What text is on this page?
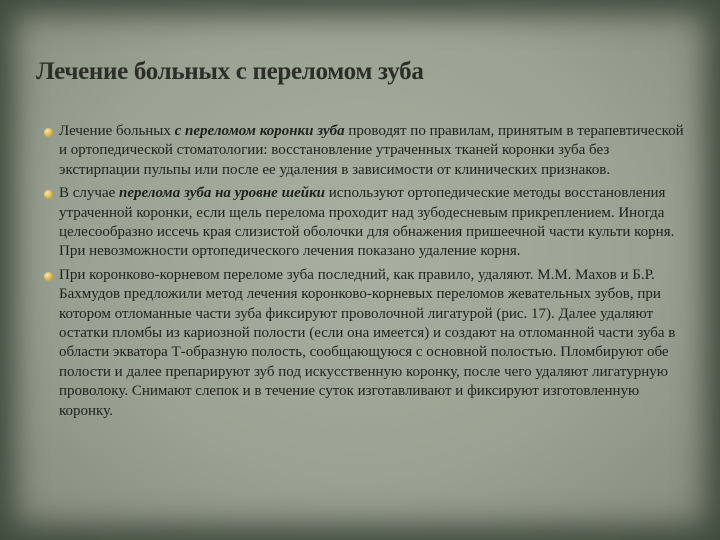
Лечение больных с переломом зуба

Лечение больных с переломом коронки зуба проводят по правилам, принятым в терапевтической и ортопедической стоматологии: восстановление утраченных тканей коронки зуба без экстирпации пульпы или после ее удаления в зависимости от клинических признаков.

В случае перелома зуба на уровне шейки используют ортопедические методы восстановления утраченной коронки, если щель перелома проходит над зубодесневым прикреплением. Иногда целесообразно иссечь края слизистой оболочки для обнажения пришеечной части культи корня. При невозможности ортопедического лечения показано удаление корня.

При коронково-корневом переломе зуба последний, как правило, удаляют. М.М. Махов и Б.Р. Бахмудов предложили метод лечения коронково-корневых переломов жевательных зубов, при котором отломанные части зуба фиксируют проволочной лигатурой (рис. 17). Далее удаляют остатки пломбы из кариозной полости (если она имеется) и создают на отломанной части зуба в области экватора Т-образную полость, сообщающуюся с основной полостью. Пломбируют обе полости и далее препарируют зуб под искусственную коронку, после чего удаляют лигатурную проволоку. Снимают слепок и в течение суток изготавливают и фиксируют изготовленную коронку.
